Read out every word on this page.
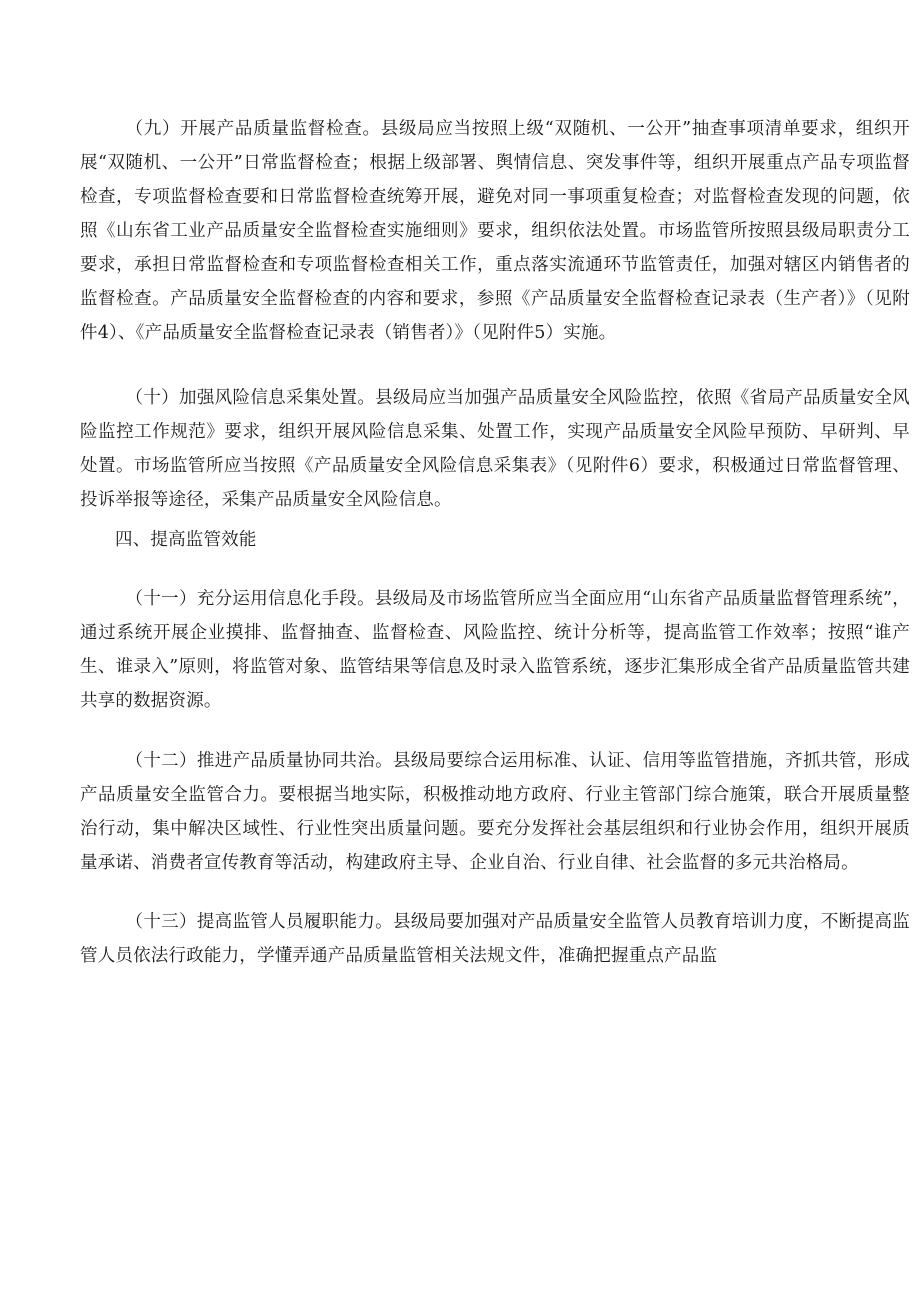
（九）开展产品质量监督检查。县级局应当按照上级“双随机、一公开”抽查事项清单要求，组织开展“双随机、一公开”日常监督检查；根据上级部署、舆情信息、突发事件等，组织开展重点产品专项监督检查，专项监督检查要和日常监督检查统筹开展，避免对同一事项重复检查；对监督检查发现的问题，依照《山东省工业产品质量安全监督检查实施细则》要求，组织依法处置。市场监管所按照县级局职责分工要求，承担日常监督检查和专项监督检查相关工作，重点落实流通环节监管责任，加强对辖区内销售者的监督检查。产品质量安全监督检查的内容和要求，参照《产品质量安全监督检查记录表（生产者）》（见附件4）、《产品质量安全监督检查记录表（销售者）》（见附件5）实施。

（十）加强风险信息采集处置。县级局应当加强产品质量安全风险监控，依照《省局产品质量安全风险监控工作规范》要求，组织开展风险信息采集、处置工作，实现产品质量安全风险早预防、早研判、早处置。市场监管所应当按照《产品质量安全风险信息采集表》（见附件6）要求，积极通过日常监督管理、投诉举报等途径，采集产品质量安全风险信息。

四、提高监管效能

（十一）充分运用信息化手段。县级局及市场监管所应当全面应用“山东省产品质量监督管理系统”，通过系统开展企业摸排、监督抽查、监督检查、风险监控、统计分析等，提高监管工作效率；按照“谁产生、谁录入”原则，将监管对象、监管结果等信息及时录入监管系统，逐步汇集形成全省产品质量监管共建共享的数据资源。

（十二）推进产品质量协同共治。县级局要综合运用标准、认证、信用等监管措施，齐抓共管，形成产品质量安全监管合力。要根据当地实际，积极推动地方政府、行业主管部门综合施策，联合开展质量整治行动，集中解决区域性、行业性突出质量问题。要充分发挥社会基层组织和行业协会作用，组织开展质量承诺、消费者宣传教育等活动，构建政府主导、企业自治、行业自律、社会监督的多元共治格局。

（十三）提高监管人员履职能力。县级局要加强对产品质量安全监管人员教育培训力度，不断提高监管人员依法行政能力，学懂弄通产品质量监管相关法规文件，准确把握重点产品监
